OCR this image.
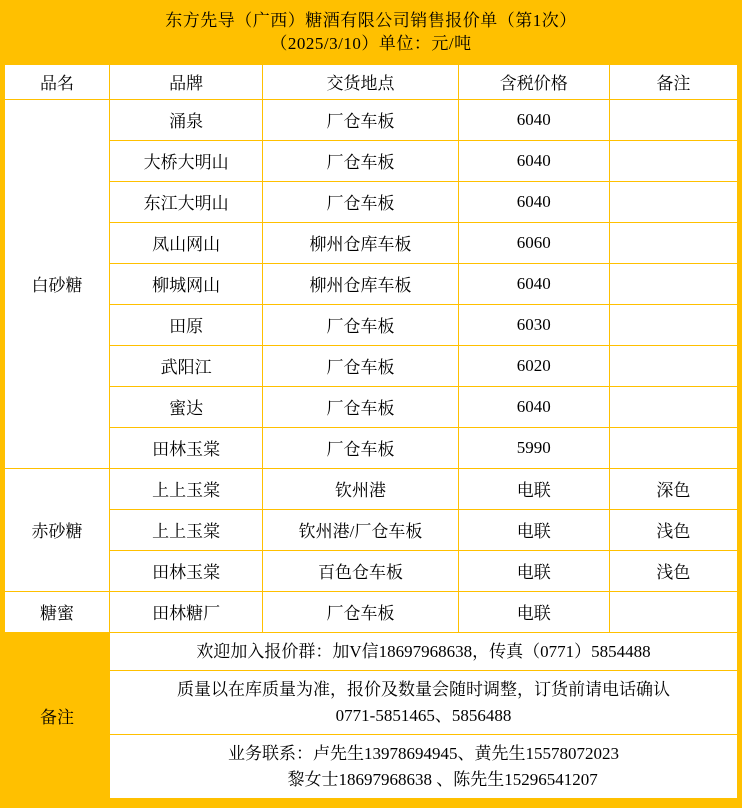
东方先导（广西）糖酒有限公司销售报价单（第1次）
（2025/3/10）单位：元/吨				

品名	品牌	交货地点	含税价格	备注
白砂糖	涌泉	厂仓车板	6040	
	大桥大明山	厂仓车板	6040	
	东江大明山	厂仓车板	6040	
	凤山网山	柳州仓库车板	6060	
	柳城网山	柳州仓库车板	6040	
	田原	厂仓车板	6030	
	武阳江	厂仓车板	6020	
	蜜达	厂仓车板	6040	
	田林玉棠	厂仓车板	5990	
赤砂糖	上上玉棠	钦州港	电联	深色
	上上玉棠	钦州港/厂仓车板	电联	浅色
	田林玉棠	百色仓车板	电联	浅色
糖蜜	田林糖厂	厂仓车板	电联	
备注	欢迎加入报价群：加V信18697968638，传真（0771）5854488			

	质量以在库质量为准，报价及数量会随时调整，订货前请电话确认
0771-5851465、5856488			

	业务联系：卢先生13978694945、黄先生15578072023
黎女士18697968638 、陈先生15296541207			
